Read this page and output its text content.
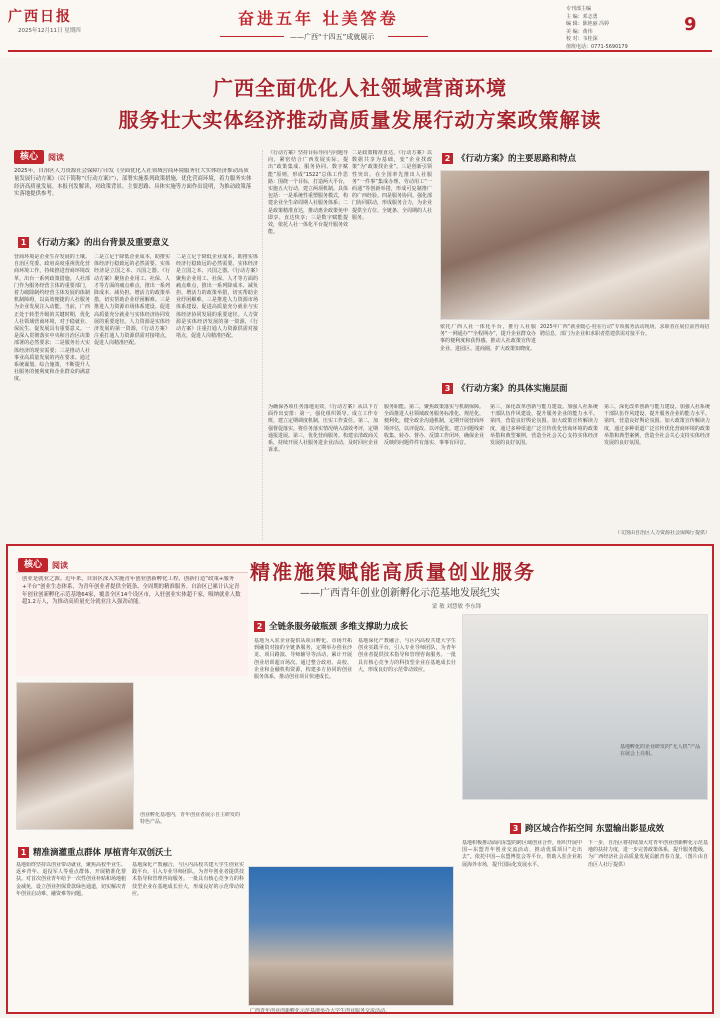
广西日报
2025年12月11日 星期四
奋进五年 壮美答卷
——广西“十四五”成就展示
专刊部主编
主 编：邓志勇
编 辑：陈艳丽 冯婷
美 编：黄伟
校 对：韦桂深
值班电话：0771-5690179
9
广西全面优化人社领域营商环境
服务壮大实体经济推动高质量发展行动方案政策解读
核心	阅读
2025年，自治区人力资源社会保障厅印发《全面优化人社领域营商环境服务壮大实体经济推动高质量发展行动方案》（以下简称“《行动方案》”），部署实施系列政策措施，优化营商环境，着力服务实体经济高质量发展。本报刊发解读，对政策背景、主要思路、具体实施等方面作出说明，为推动政策落实落地提供参考。
1 《行动方案》的出台背景及重要意义
营商环境是企业生存发展的土壤。自治区党委、政府高度重视优化营商环境工作，持续推进营商环境改革，出台一系列政策措施。人社部门作为服务经营主体的重要部门，着力破除制约经营主体发展的体制机制障碍，以高效便捷的人社服务为企业发展注入动能。当前，广西正处于转型升级的关键时期，优化人社领域营商环境，对于稳就业、保民生、促发展具有重要意义。一是深入贯彻落实中央和自治区决策部署的必然要求；二是服务壮大实体经济的现实需要；三是推动人社事业高质量发展的内在要求。通过系统谋划、综合施策，不断提升人社服务的便利度和企业群众的满意度。
二是立足于降低企业成本，助推实体经济行稳致远的必然需要。实体经济是立国之本、兴国之器。《行动方案》聚焦企业用工、社保、人才等方面的痛点难点，推出一系列降成本、减负担、增活力的政策举措，切实帮助企业纾困解难。三是推进人力资源市场体系建设、促进高质量充分就业与实体经济协同发展的重要途径。人力资源是实体经济发展的第一资源，《行动方案》注重打通人力资源供需对接堵点，促进人岗精准匹配。
二是立足于降低企业成本，助推实体经济行稳致远的必然需要。实体经济是立国之本、兴国之器。《行动方案》聚焦企业用工、社保、人才等方面的痛点难点，推出一系列降成本、减负担、增活力的政策举措，切实帮助企业纾困解难。三是推进人力资源市场体系建设、促进高质量充分就业与实体经济协同发展的重要途径。人力资源是实体经济发展的第一资源，《行动方案》注重打通人力资源供需对接堵点，促进人岗精准匹配。
《行动方案》坚持目标导向与问题导向，紧密结合广西发展实际，提出“政策集成、服务协同、数字赋能”原则，形成“1522”总体工作思路：围绕一个目标，打造两大平台，实施五大行动，建立两项机制。具体包括：一是系统性重塑服务模式，构建企业全生命周期人社服务体系；二是政策精准直达，推动惠企政策免申即享、直达快享；三是数字赋能提效，依托人社一体化平台提升服务效能。
二是政策精准直达。《行动方案》以数据共享为基础，变“企业找政策”为“政策找企业”。三是创新引领性突出。在全国率先推出人社服务“一件事”集成办理、劳动用工“一码通”等创新举措，形成可复制推广的广西经验。四是服务协同。强化部门协同联动，形成服务合力，为企业提供全方位、全链条、全周期的人社服务。
2 《行动方案》的主要思路和特点
2025年广西“就业暖心·桂在行动”专项服务活动现场，求职者在展位前咨询招聘信息，部门为企业和求职者搭建供需对接平台。
依托广西人社一体化平台，推行人社服务“一网通办”“全程网办”，提升企业群众办事的便利度和获得感。推动人社政策宣传进企业、进园区、进商圈，扩大政策知晓度。
3 《行动方案》的具体实施层面
为确保各项任务落地见效，《行动方案》从以下方面作出安排：第一，强化组织领导。成立工作专班，建立定期调度机制，压实工作责任。第二，加强督促落实。将任务落实情况纳入绩效考评，定期通报进展。第三，优化营商服务。构建亲清政商关系，持续开展人社服务进企业活动，及时回应企业诉求。
服务职能。第二，聚焦政策落实与机制保障。全面推进人社领域政务服务标准化、规范化、便利化，健全政企沟通机制，定期开展营商环境评估，以评促改、以评促优。建立问题线索收集、转办、督办、反馈工作闭环，确保企业反映的问题件件有落实、事事有回音。
第三，深化改革创新与能力建设。加强人社系统干部队伍作风建设，提升服务企业的能力水平。第四，营造良好舆论氛围。加大政策宣传解读力度，通过多种渠道广泛宣传优化营商环境的政策举措和典型案例，营造全社会关心支持实体经济发展的良好氛围。
第三，深化改革创新与能力建设。加强人社系统干部队伍作风建设，提升服务企业的能力水平。第四，营造良好舆论氛围。加大政策宣传解读力度，通过多种渠道广泛宣传优化营商环境的政策举措和典型案例，营造全社会关心支持实体经济发展的良好氛围。
（文图由自治区人力资源社会保障厅提供）
核心	阅读
创业是就业之源。近年来，自治区深入实施青年创业创新孵化工程，创新打造“政策+服务+平台”创业生态体系，为青年创业者提供全链条、全周期的精准服务。自治区已累计认定青年创业创新孵化示范基地64家，覆盖全区14个设区市，入驻创业实体超千家，吸纳就业人数超1.2万人，为推动高质量充分就业注入强劲动能。
精准施策赋能高质量创业服务
——广西青年创业创新孵化示范基地发展纪实
蒙 敏 刘慧敏 李东锋
创业孵化基地内，青年创业者展示自主研发的特色产品。
1 精准滴灌重点群体 厚植青年双创沃土
基地始终坚持以创业带动就业，聚焦高校毕业生、返乡青年、退役军人等重点群体，开展精准化帮扶。对首次创业青年给予一次性创业补贴和场地租金减免，设立创业担保贷款绿色通道，切实解决青年创业启动难、融资难等问题。
基地深化产教融合，与区内高校共建大学生创业实践平台，引入专业导师团队，为青年创业者提供技术指导和管理咨询服务。一批具有核心竞争力的科技型企业在基地成长壮大，形成良好的示范带动效应。
2 全链条服务破瓶颈 多维支撑助力成长
基地为入驻企业提供从项目孵化、市场开拓到融资对接的全链条服务，定期举办创业沙龙、项目路演、导师辅导等活动，累计开展创业培训超百场次。通过整合政府、高校、企业和金融机构资源，构建多方协同的创业服务体系，推动创业项目快速成长。
基地深化产教融合，与区内高校共建大学生创业实践平台，引入专业导师团队，为青年创业者提供技术指导和管理咨询服务。一批具有核心竞争力的科技型企业在基地成长壮大，形成良好的示范带动效应。
基地孵化的企业研发的“无人机”产品在展会上亮相。
广西青年创业创新孵化示范基地举办大学生创业服务交流活动。
3 跨区域合作拓空间 东盟输出影显成效
基地积极推动面向东盟的跨区域创业合作，组织开展中国—东盟青年创业交流活动，推动优质项目“走出去”。依托中国—东盟博览会等平台，帮助入驻企业拓展海外市场，提升国际化发展水平。
下一步，自治区将持续加大对青年创业创新孵化示范基地的扶持力度，进一步完善政策体系，提升服务能级，为广西经济社会高质量发展贡献青春力量。（图片由自治区人社厅提供）
